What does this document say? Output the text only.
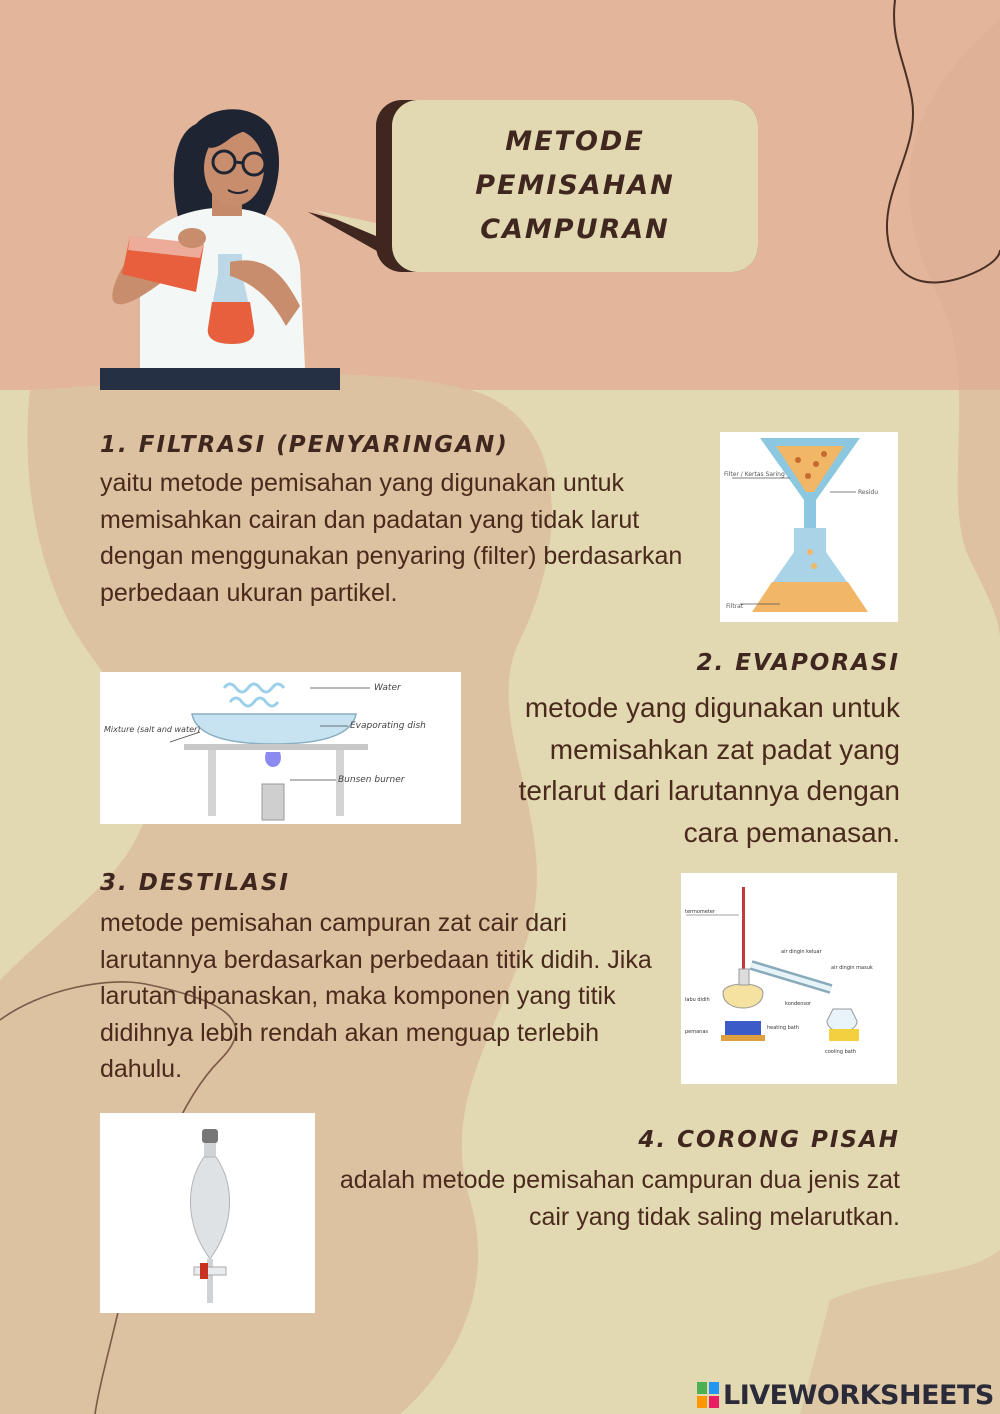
METODE PEMISAHAN CAMPURAN
1. FILTRASI (PENYARINGAN)
yaitu metode pemisahan yang digunakan untuk memisahkan cairan dan padatan yang tidak larut dengan menggunakan penyaring (filter) berdasarkan perbedaan ukuran partikel.
Filter / Kertas Saring
Residu
Filtrat
2. EVAPORASI
metode yang digunakan untuk memisahkan zat padat yang terlarut dari larutannya dengan cara pemanasan.
Water
Evaporating dish
Mixture (salt and water)
Bunsen burner
3. DESTILASI
metode pemisahan campuran zat cair dari larutannya berdasarkan perbedaan titik didih. Jika larutan dipanaskan, maka komponen yang titik didihnya lebih rendah akan menguap terlebih dahulu.
termometer
air dingin keluar
air dingin masuk
labu didih
kondensor
pemanas
heating bath
cooling bath
4. CORONG PISAH
adalah metode pemisahan campuran dua jenis zat cair yang tidak saling melarutkan.
LIVEWORKSHEETS
